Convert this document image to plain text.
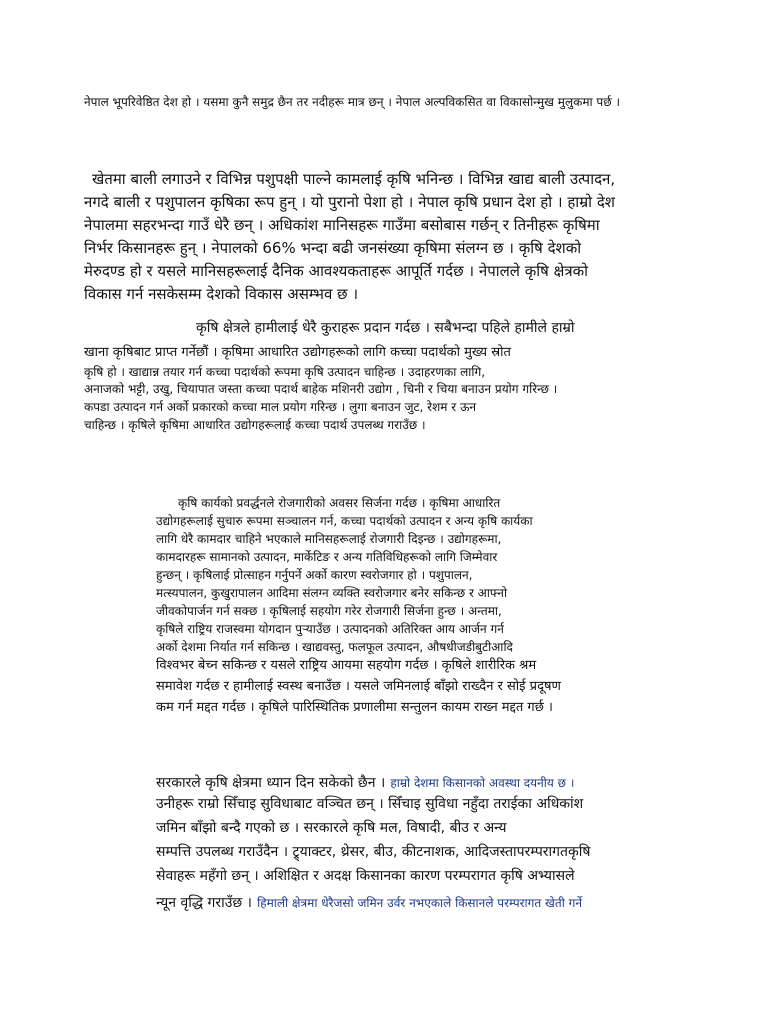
नेपाल भूपरिवेष्ठित देश हो । यसमा कुनै समुद्र छैन तर नदीहरू मात्र छन् । नेपाल अल्पविकसित वा विकासोन्मुख मुलुकमा पर्छ ।
खेतमा बाली लगाउने र विभिन्न पशुपक्षी पाल्ने कामलाई कृषि भनिन्छ । विभिन्न खाद्य बाली उत्पादन,
नगदे बाली र पशुपालन कृषिका रूप हुन् । यो पुरानो पेशा हो । नेपाल कृषि प्रधान देश हो । हाम्रो देश
नेपालमा सहरभन्दा गाउँ धेरै छन् । अधिकांश मानिसहरू गाउँमा बसोबास गर्छन् र तिनीहरू कृषिमा
निर्भर किसानहरू हुन् । नेपालको 66% भन्दा बढी जनसंख्या कृषिमा संलग्न छ । कृषि देशको
मेरुदण्ड हो र यसले मानिसहरूलाई दैनिक आवश्यकताहरू आपूर्ति गर्दछ । नेपालले कृषि क्षेत्रको
विकास गर्न नसकेसम्म देशको विकास असम्भव छ ।
कृषि क्षेत्रले हामीलाई धेरै कुराहरू प्रदान गर्दछ । सबैभन्दा पहिले हामीले हाम्रो
खाना कृषिबाट प्राप्त गर्नेछौं । कृषिमा आधारित उद्योगहरूको लागि कच्चा पदार्थको मुख्य स्रोत
कृषि हो । खाद्यान्न तयार गर्न कच्चा पदार्थको रूपमा कृषि उत्पादन चाहिन्छ । उदाहरणका लागि,
अनाजको भट्टी, उखु, चियापात जस्ता कच्चा पदार्थ बाहेक मशिनरी उद्योग , चिनी र चिया बनाउन प्रयोग गरिन्छ ।
कपडा उत्पादन गर्न अर्को प्रकारको कच्चा माल प्रयोग गरिन्छ । लुगा बनाउन जुट, रेशम र ऊन
चाहिन्छ । कृषिले कृषिमा आधारित उद्योगहरूलाई कच्चा पदार्थ उपलब्ध गराउँछ ।
कृषि कार्यको प्रवर्द्धनले रोजगारीको अवसर सिर्जना गर्दछ । कृषिमा आधारित
उद्योगहरूलाई सुचारु रूपमा सञ्चालन गर्न, कच्चा पदार्थको उत्पादन र अन्य कृषि कार्यका
लागि धेरै कामदार चाहिने भएकाले मानिसहरूलाई रोजगारी दिइन्छ । उद्योगहरूमा,
कामदारहरू सामानको उत्पादन, मार्केटिङ र अन्य गतिविधिहरूको लागि जिम्मेवार
हुन्छन् । कृषिलाई प्रोत्साहन गर्नुपर्ने अर्को कारण स्वरोजगार हो । पशुपालन,
मत्स्यपालन, कुखुरापालन आदिमा संलग्न व्यक्ति स्वरोजगार बनेर सकिन्छ र आफ्नो
जीवकोपार्जन गर्न सक्छ । कृषिलाई सहयोग गरेर रोजगारी सिर्जना हुन्छ । अन्तमा,
कृषिले राष्ट्रिय राजस्वमा योगदान पुर्‍याउँछ । उत्पादनको अतिरिक्त आय आर्जन गर्न
अर्को देशमा निर्यात गर्न सकिन्छ । खाद्यवस्तु, फलफूल उत्पादन, औषधीजडीबुटीआदि
विश्वभर बेच्न सकिन्छ र यसले राष्ट्रिय आयमा सहयोग गर्दछ । कृषिले शारीरिक श्रम
समावेश गर्दछ र हामीलाई स्वस्थ बनाउँछ । यसले जमिनलाई बाँझो राख्दैन र सोई प्रदूषण
कम गर्न मद्दत गर्दछ । कृषिले पारिस्थितिक प्रणालीमा सन्तुलन कायम राख्न मद्दत गर्छ ।
सरकारले कृषि क्षेत्रमा ध्यान दिन सकेको छैन । हाम्रो देशमा किसानको अवस्था दयनीय छ ।
उनीहरू राम्रो सिँचाइ सुविधाबाट वञ्चित छन् । सिँचाइ सुविधा नहुँदा तराईका अधिकांश
जमिन बाँझो बन्दै गएको छ । सरकारले कृषि मल, विषादी, बीउ र अन्य
सम्पत्ति उपलब्ध गराउँदैन । ट्र्याक्टर, थ्रेसर, बीउ, कीटनाशक, आदिजस्तापरम्परागतकृषि
सेवाहरू महँगो छन् । अशिक्षित र अदक्ष किसानका कारण परम्परागत कृषि अभ्यासले
न्यून वृद्धि गराउँछ । हिमाली क्षेत्रमा धेरैजसो जमिन उर्वर नभएकाले किसानले परम्परागत खेती गर्ने
